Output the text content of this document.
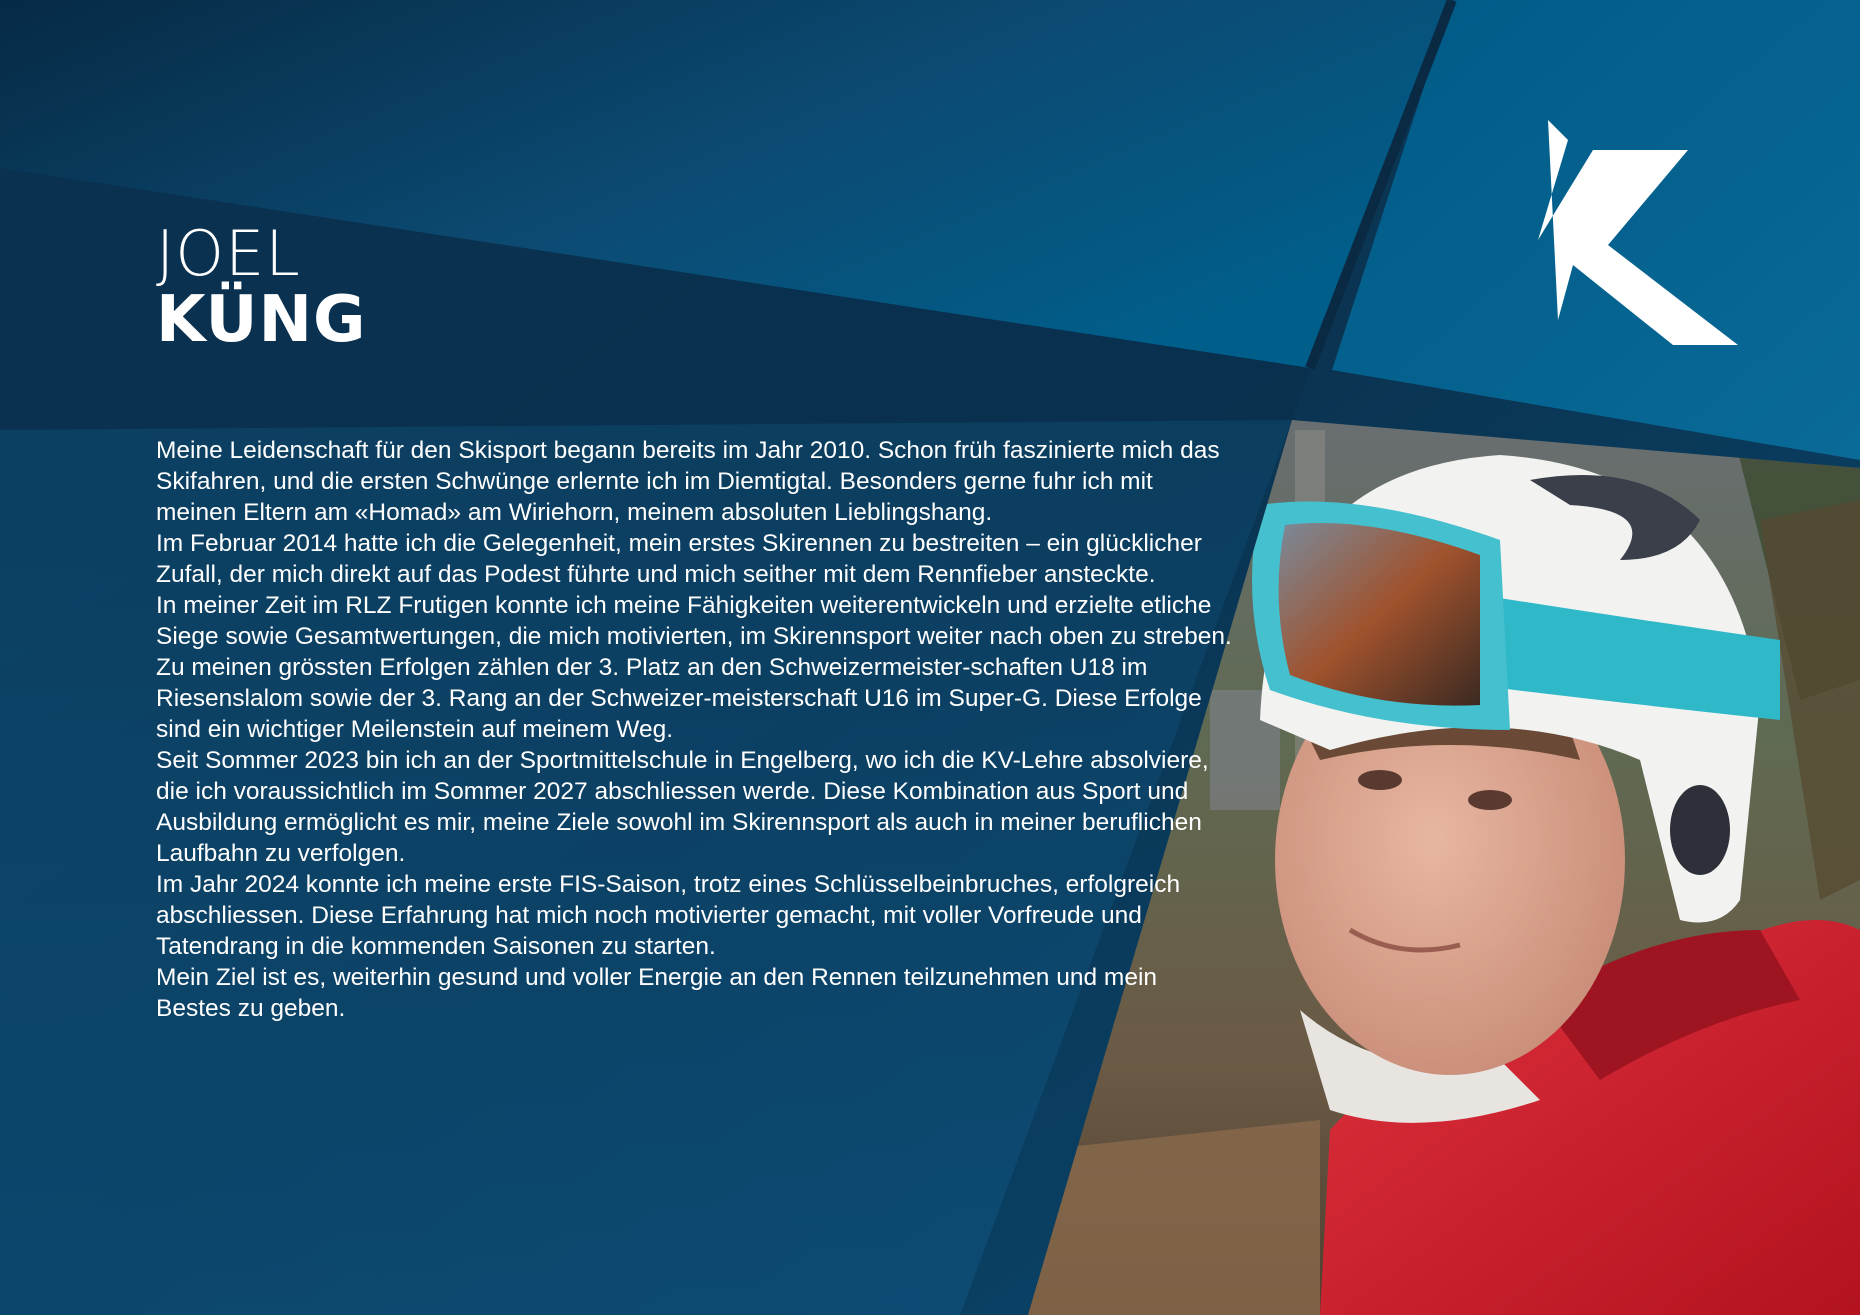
JOEL
KÜNG

Meine Leidenschaft für den Skisport begann bereits im Jahr 2010. Schon früh faszinierte mich das Skifahren, und die ersten Schwünge erlernte ich im Diemtigtal. Besonders gerne fuhr ich mit meinen Eltern am «Homad» am Wiriehorn, meinem absoluten Lieblingshang.

Im Februar 2014 hatte ich die Gelegenheit, mein erstes Skirennen zu bestreiten – ein glücklicher Zufall, der mich direkt auf das Podest führte und mich seither mit dem Rennfieber ansteckte.

In meiner Zeit im RLZ Frutigen konnte ich meine Fähigkeiten weiterentwickeln und erzielte etliche Siege sowie Gesamtwertungen, die mich motivierten, im Skirennsport weiter nach oben zu streben.

Zu meinen grössten Erfolgen zählen der 3. Platz an den Schweizermeister-schaften U18 im Riesenslalom sowie der 3. Rang an der Schweizer-meisterschaft U16 im Super-G. Diese Erfolge sind ein wichtiger Meilenstein auf meinem Weg.

Seit Sommer 2023 bin ich an der Sportmittelschule in Engelberg, wo ich die KV-Lehre absolviere, die ich voraussichtlich im Sommer 2027 abschliessen werde. Diese Kombination aus Sport und Ausbildung ermöglicht es mir, meine Ziele sowohl im Skirennsport als auch in meiner beruflichen Laufbahn zu verfolgen.

Im Jahr 2024 konnte ich meine erste FIS-Saison, trotz eines Schlüsselbeinbruches, erfolgreich abschliessen. Diese Erfahrung hat mich noch motivierter gemacht, mit voller Vorfreude und Tatendrang in die kommenden Saisonen zu starten.

Mein Ziel ist es, weiterhin gesund und voller Energie an den Rennen teilzunehmen und mein Bestes zu geben.
